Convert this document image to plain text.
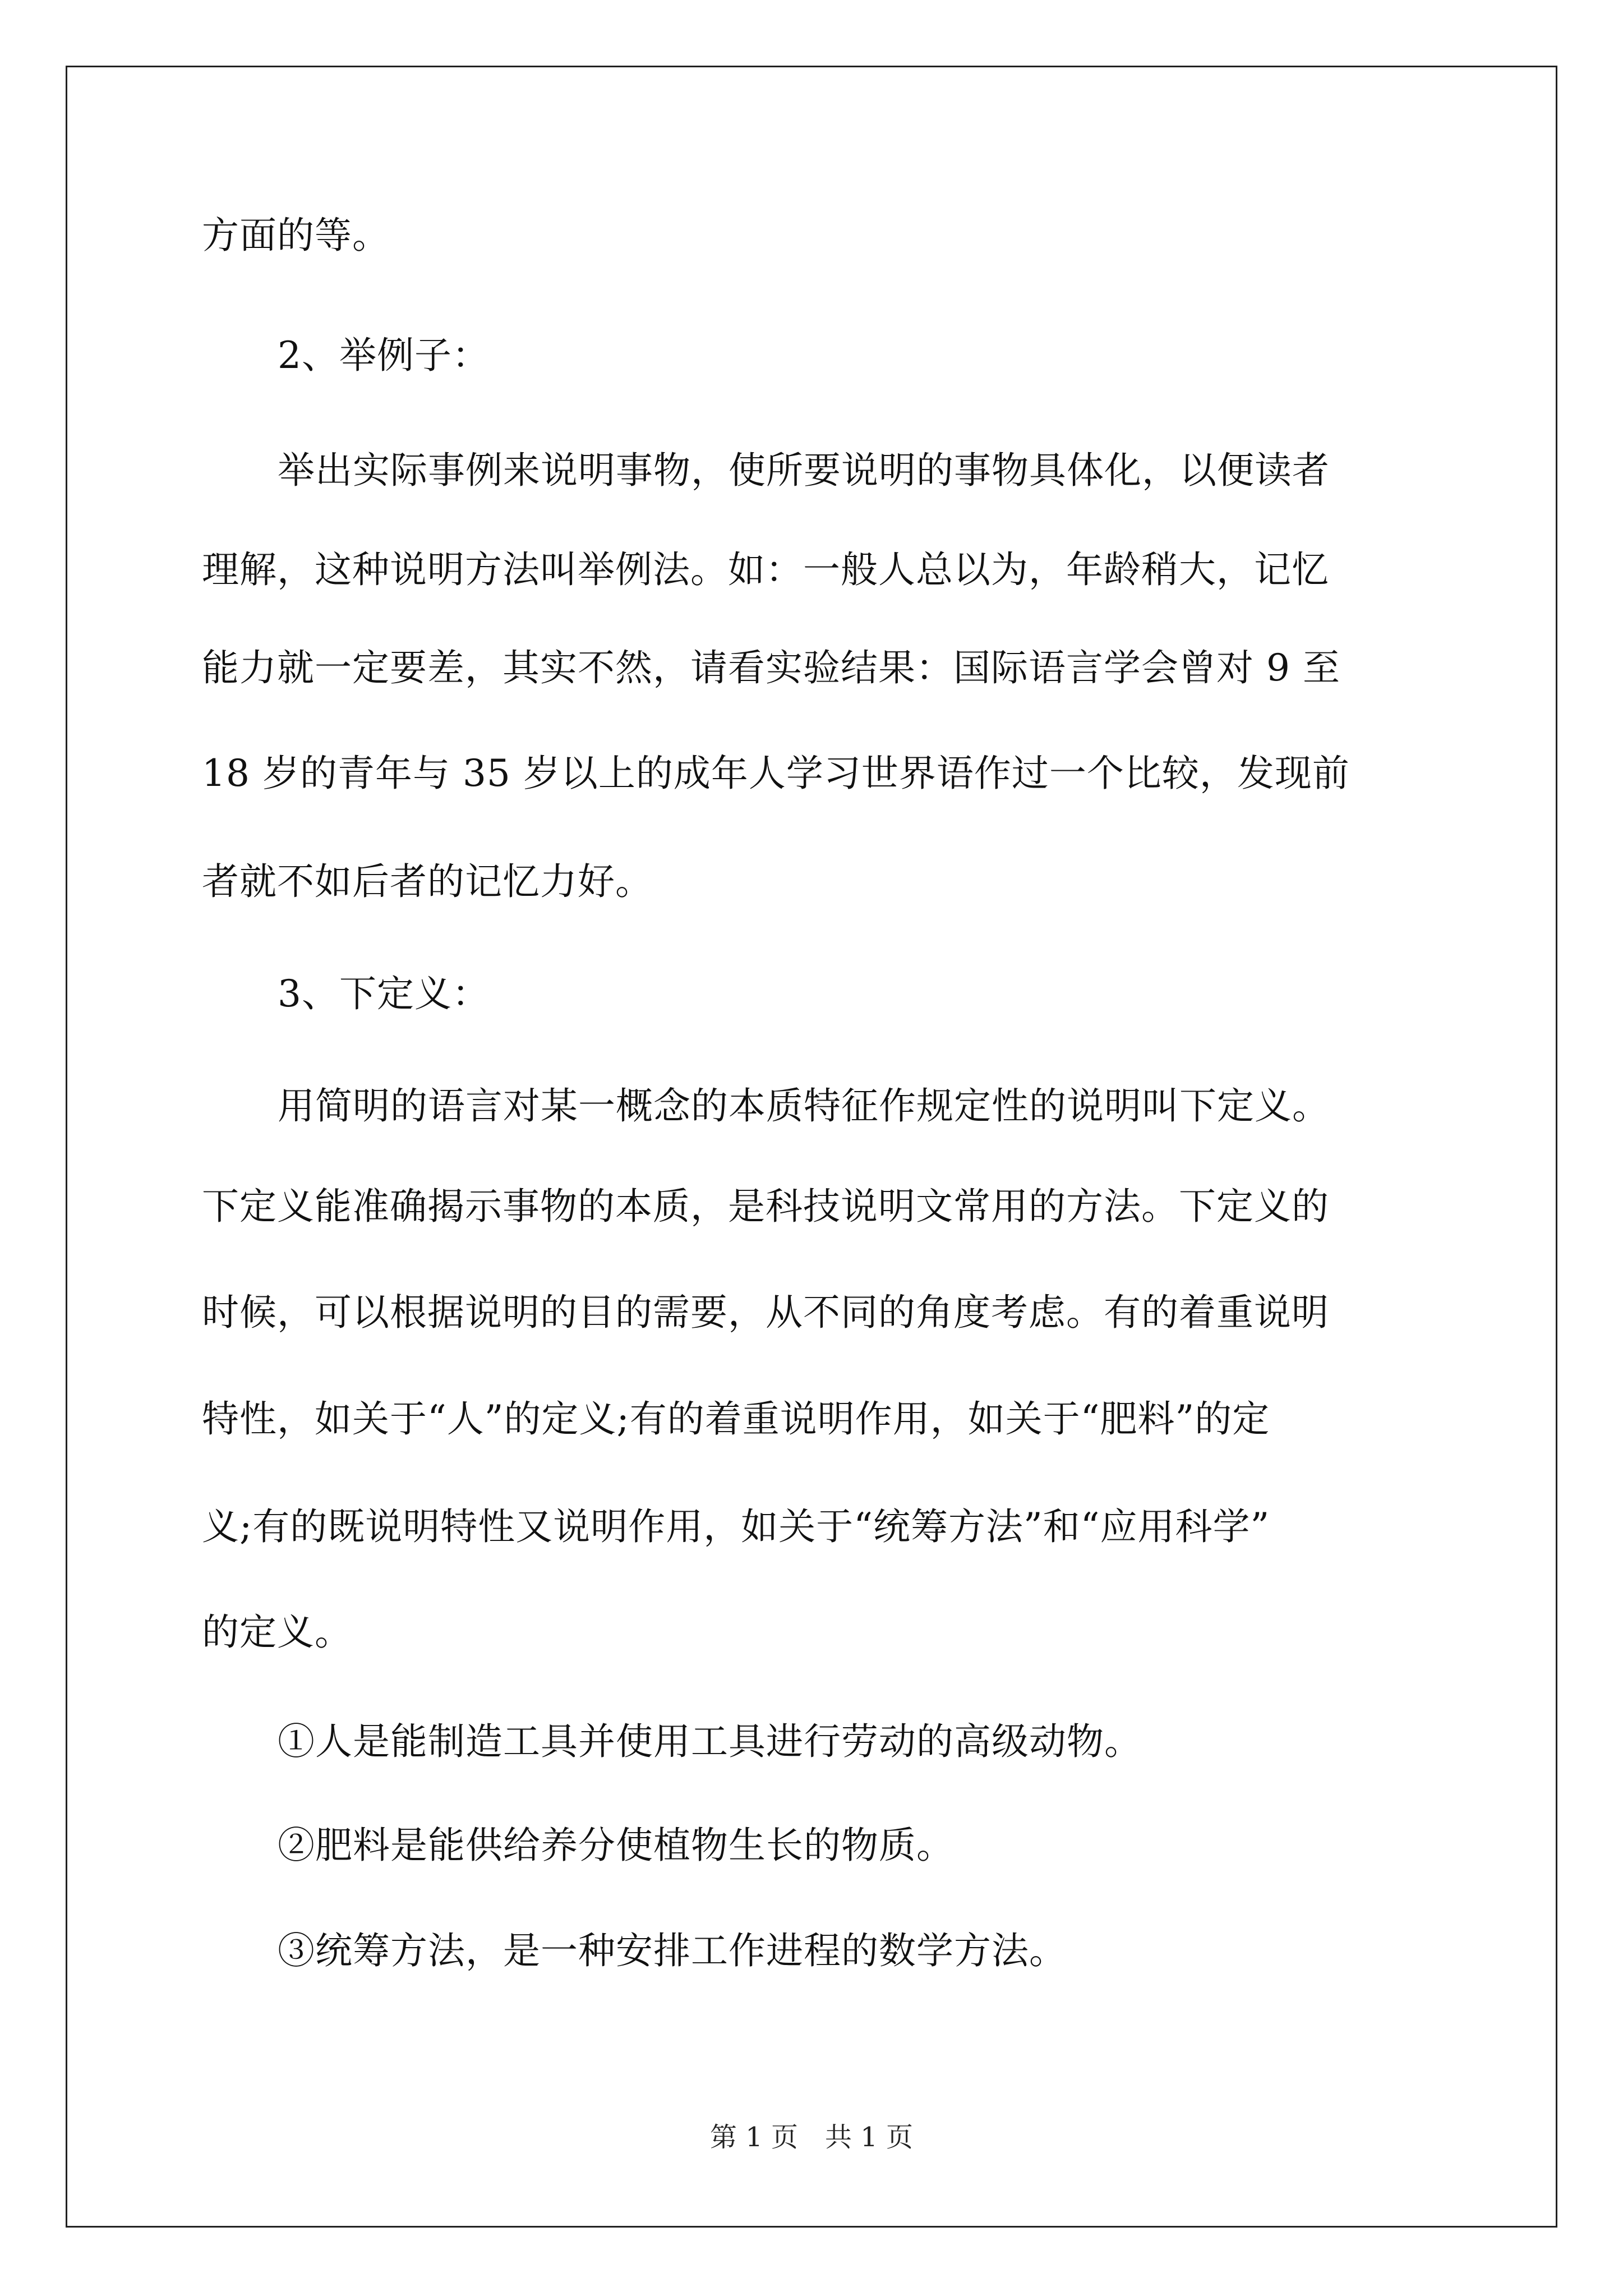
方面的等。
2、举例子：
举出实际事例来说明事物，使所要说明的事物具体化，以便读者
理解，这种说明方法叫举例法。如：一般人总以为，年龄稍大，记忆
能力就一定要差，其实不然，请看实验结果：国际语言学会曾对 9 至
18 岁的青年与 35 岁以上的成年人学习世界语作过一个比较，发现前
者就不如后者的记忆力好。
3、下定义：
用简明的语言对某一概念的本质特征作规定性的说明叫下定义。
下定义能准确揭示事物的本质，是科技说明文常用的方法。下定义的
时候，可以根据说明的目的需要，从不同的角度考虑。有的着重说明
特性，如关于“人”的定义;有的着重说明作用，如关于“肥料”的定
义;有的既说明特性又说明作用，如关于“统筹方法”和“应用科学”
的定义。
①人是能制造工具并使用工具进行劳动的高级动物。
②肥料是能供给养分使植物生长的物质。
③统筹方法，是一种安排工作进程的数学方法。
第 1 页　共 1 页
